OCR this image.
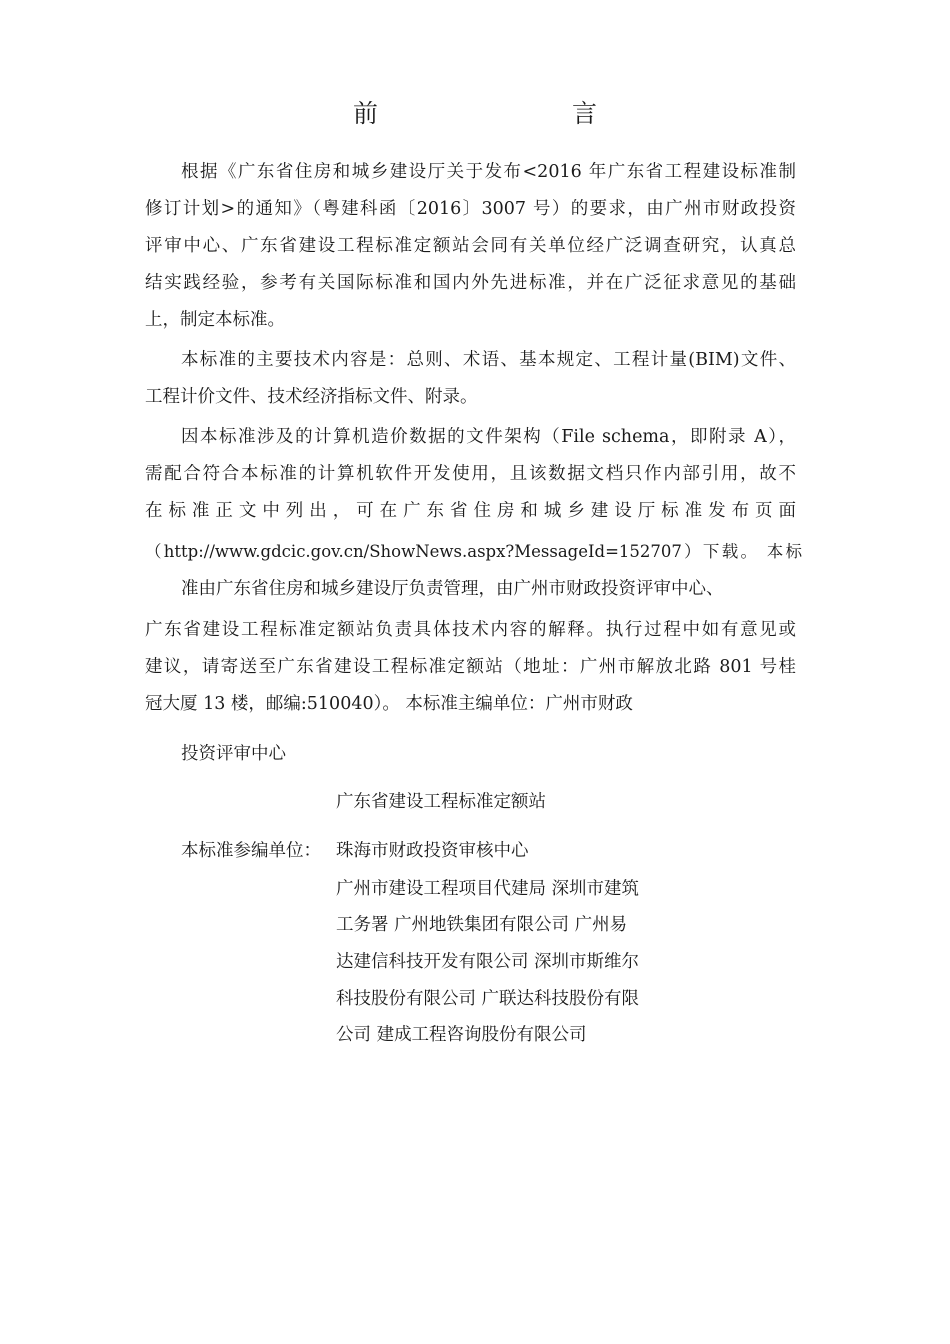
前　　言
根据《广东省住房和城乡建设厅关于发布<2016 年广东省工程建设标准制
修订计划>的通知》（粤建科函〔2016〕3007 号）的要求，由广州市财政投资
评审中心、广东省建设工程标准定额站会同有关单位经广泛调查研究，认真总
结实践经验，参考有关国际标准和国内外先进标准，并在广泛征求意见的基础
上，制定本标准。
本标准的主要技术内容是：总则、术语、基本规定、工程计量(BIM)文件、
工程计价文件、技术经济指标文件、附录。
因本标准涉及的计算机造价数据的文件架构（File schema，即附录 A），
需配合符合本标准的计算机软件开发使用，且该数据文档只作内部引用，故不
在标准正文中列出，可在广东省住房和城乡建设厅标准发布页面
（http://www.gdcic.gov.cn/ShowNews.aspx?MessageId=152707）下载。 本标
准由广东省住房和城乡建设厅负责管理，由广州市财政投资评审中心、
广东省建设工程标准定额站负责具体技术内容的解释。执行过程中如有意见或
建议，请寄送至广东省建设工程标准定额站（地址：广州市解放北路 801 号桂
冠大厦 13 楼，邮编:510040）。 本标准主编单位：广州市财政
投资评审中心
广东省建设工程标准定额站
本标准参编单位： 珠海市财政投资审核中心
广州市建设工程项目代建局 深圳市建筑
工务署 广州地铁集团有限公司 广州易
达建信科技开发有限公司 深圳市斯维尔
科技股份有限公司 广联达科技股份有限
公司 建成工程咨询股份有限公司
